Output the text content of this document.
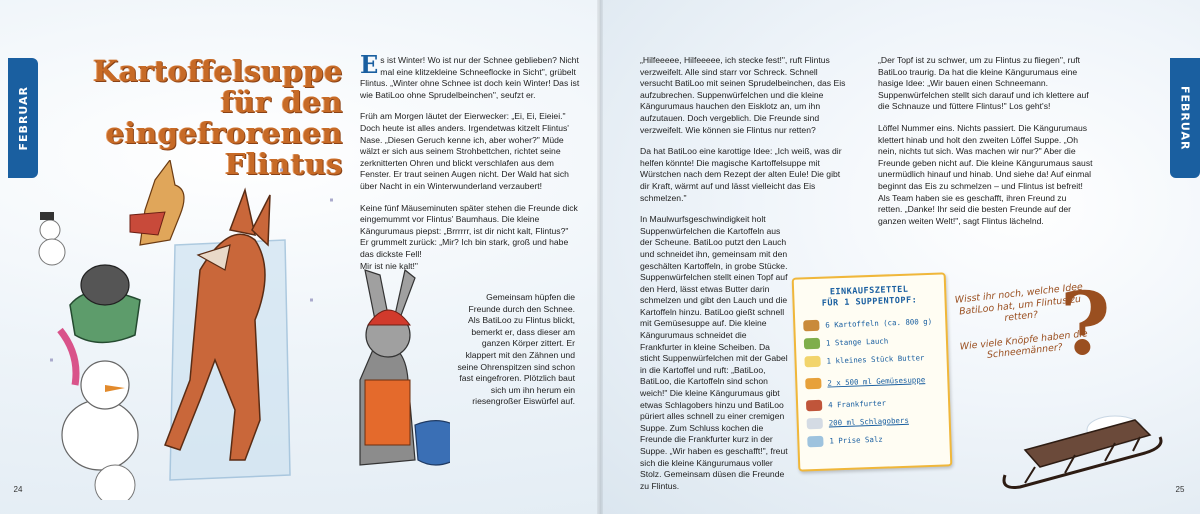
FEBRUAR	FEBRUAR
Kartoffelsuppe für den eingefrorenen Flintus

Es ist Winter! Wo ist nur der Schnee geblieben? Nicht mal eine klitzekleine Schneeflocke in Sicht", grübelt Flintus. „Winter ohne Schnee ist doch kein Winter! Das ist wie BatiLoo ohne Sprudelbeinchen", seufzt er.

Früh am Morgen läutet der Eierwecker: „Ei, Ei, Eieiei." Doch heute ist alles anders. Irgendetwas kitzelt Flintus' Nase. „Diesen Geruch kenne ich, aber woher?" Müde wälzt er sich aus seinem Strohbettchen, richtet seine zerknitterten Ohren und blickt verschlafen aus dem Fenster. Er traut seinen Augen nicht. Der Wald hat sich über Nacht in ein Winterwunderland verzaubert!

Keine fünf Mäuseminuten später stehen die Freunde dick eingemummt vor Flintus' Baumhaus. Die kleine Kängurumaus piepst: „Brrrrrr, ist dir nicht kalt, Flintus?"
Er grummelt zurück: „Mir? Ich bin stark, groß und habe das dickste Fell!
Mir ist nie kalt!"

Gemeinsam hüpfen die Freunde durch den Schnee. Als BatiLoo zu Flintus blickt, bemerkt er, dass dieser am ganzen Körper zittert. Er klappert mit den Zähnen und seine Ohrenspitzen sind schon fast eingefroren. Plötzlich baut sich um ihn herum ein riesengroßer Eiswürfel auf.

„Hilfeeeee, Hilfeeeee, ich stecke fest!", ruft Flintus verzweifelt. Alle sind starr vor Schreck. Schnell versucht BatiLoo mit seinen Sprudelbeinchen, das Eis aufzubrechen. Suppenwürfelchen und die kleine Kängurumaus hauchen den Eisklotz an, um ihn aufzutauen. Doch vergeblich. Die Freunde sind verzweifelt. Wie können sie Flintus nur retten?

Da hat BatiLoo eine karottige Idee: „Ich weiß, was dir helfen könnte! Die magische Kartoffelsuppe mit Würstchen nach dem Rezept der alten Eule! Die gibt dir Kraft, wärmt auf und lässt vielleicht das Eis schmelzen."

In Maulwurfsgeschwindigkeit holt Suppenwürfelchen die Kartoffeln aus der Scheune. BatiLoo putzt den Lauch und schneidet ihn, gemeinsam mit den geschälten Kartoffeln, in grobe Stücke. Suppenwürfelchen stellt einen Topf auf den Herd, lässt etwas Butter darin schmelzen und gibt den Lauch und die Kartoffeln hinzu. BatiLoo gießt schnell mit Gemüsesuppe auf. Die kleine Kängurumaus schneidet die Frankfurter in kleine Scheiben. Da sticht Suppenwürfelchen mit der Gabel in die Kartoffel und ruft: „BatiLoo, BatiLoo, die Kartoffeln sind schon weich!" Die kleine Kängurumaus gibt etwas Schlagobers hinzu und BatiLoo püriert alles schnell zu einer cremigen Suppe. Zum Schluss kochen die Freunde die Frankfurter kurz in der Suppe. „Wir haben es geschafft!", freut sich die kleine Kängurumaus voller Stolz. Gemeinsam düsen die Freunde zu Flintus.

„Der Topf ist zu schwer, um zu Flintus zu fliegen", ruft BatiLoo traurig. Da hat die kleine Kängurumaus eine hasige Idee: „Wir bauen einen Schneemann. Suppenwürfelchen stellt sich darauf und ich klettere auf die Schnauze und füttere Flintus!" Los geht's!

Löffel Nummer eins. Nichts passiert. Die Kängurumaus klettert hinab und holt den zweiten Löffel Suppe. „Oh nein, nichts tut sich. Was machen wir nur?" Aber die Freunde geben nicht auf. Die kleine Kängurumaus saust unermüdlich hinauf und hinab. Und siehe da! Auf einmal beginnt das Eis zu schmelzen – und Flintus ist befreit! Als Team haben sie es geschafft, ihren Freund zu retten. „Danke! Ihr seid die besten Freunde auf der ganzen weiten Welt!", sagt Flintus lächelnd.

EINKAUFSZETTEL
FÜR 1 SUPPENTOPF:
6 Kartoffeln (ca. 800 g)
1 Stange Lauch
1 kleines Stück Butter
2 x 500 ml Gemüsesuppe
4 Frankfurter
200 ml Schlagobers
1 Prise Salz

Wisst ihr noch, welche Idee BatiLoo hat, um Flintus zu retten?

Wie viele Knöpfe haben die Schneemänner?

?
24	25
